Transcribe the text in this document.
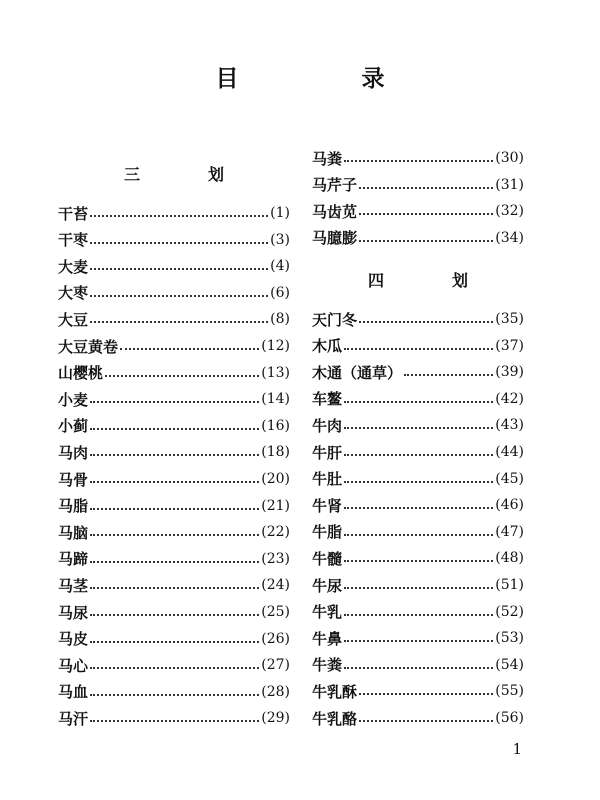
目　录
三　划
干苔	(1)
干枣	(3)
大麦	(4)
大枣	(6)
大豆	(8)
大豆黄卷	(12)
山樱桃	(13)
小麦	(14)
小蓟	(16)
马肉	(18)
马骨	(20)
马脂	(21)
马脑	(22)
马蹄	(23)
马茎	(24)
马尿	(25)
马皮	(26)
马心	(27)
马血	(28)
马汗	(29)
马粪	(30)
马芹子	(31)
马齿苋	(32)
马臆膨	(34)
四　划
天门冬	(35)
木瓜	(37)
木通（通草）	(39)
车鳌	(42)
牛肉	(43)
牛肝	(44)
牛肚	(45)
牛肾	(46)
牛脂	(47)
牛髓	(48)
牛尿	(51)
牛乳	(52)
牛鼻	(53)
牛粪	(54)
牛乳酥	(55)
牛乳酪	(56)
1
